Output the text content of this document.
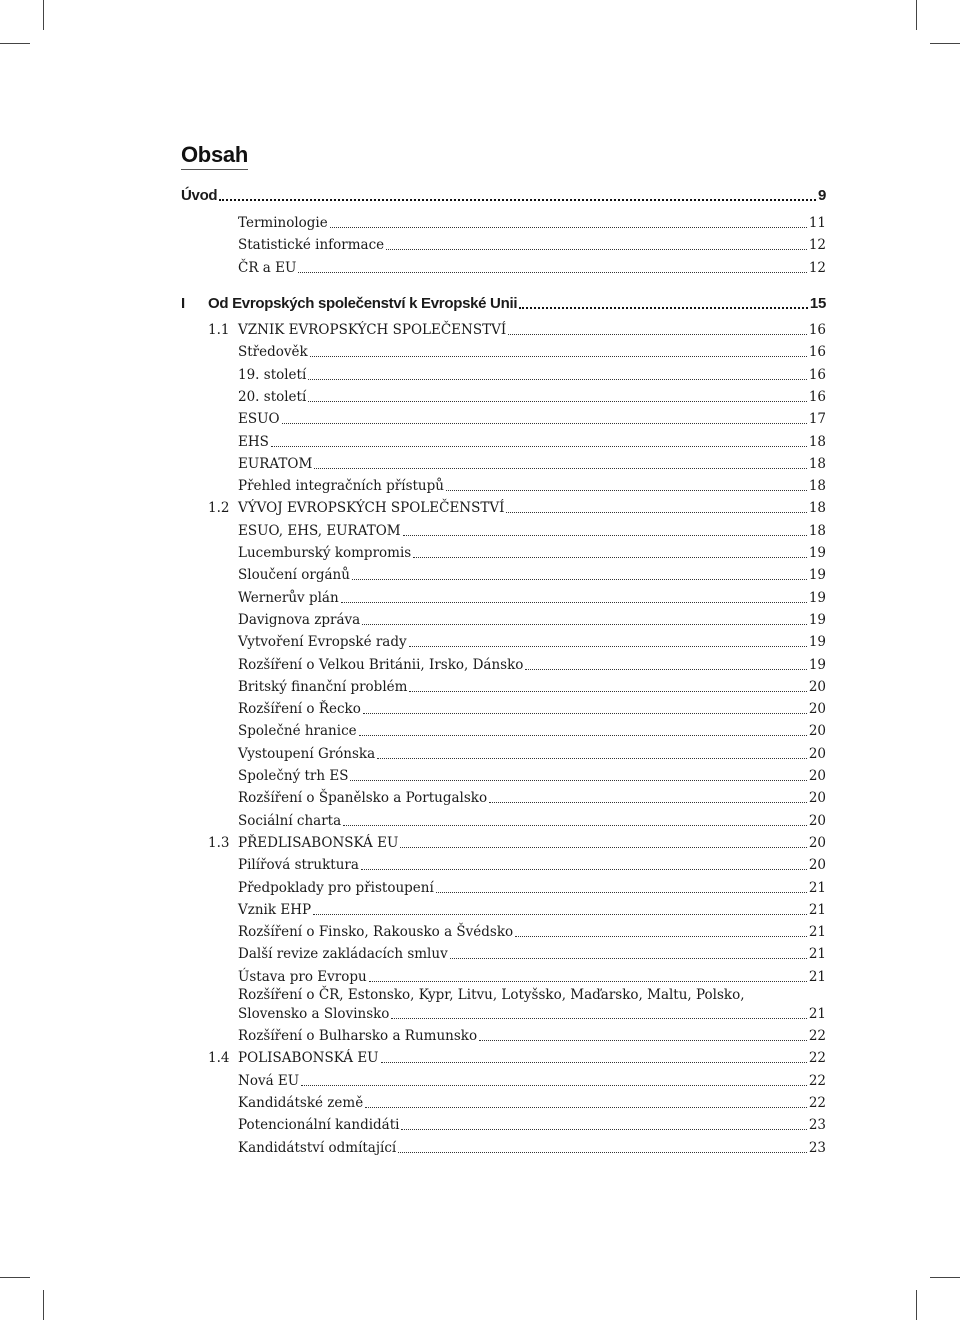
Obsah
Úvod	9
Terminologie	11
Statistické informace	12
ČR a EU	12
I	Od Evropských společenství k Evropské Unii	15
1.1 VZNIK EVROPSKÝCH SPOLEČENSTVÍ	16
Středověk	16
19. století	16
20. století	16
ESUO	17
EHS	18
EURATOM	18
Přehled integračních přístupů	18
1.2 VÝVOJ EVROPSKÝCH SPOLEČENSTVÍ	18
ESUO, EHS, EURATOM	18
Lucemburský kompromis	19
Sloučení orgánů	19
Wernerův plán	19
Davignova zpráva	19
Vytvoření Evropské rady	19
Rozšíření o Velkou Británii, Irsko, Dánsko	19
Britský finanční problém	20
Rozšíření o Řecko	20
Společné hranice	20
Vystoupení Grónska	20
Společný trh ES	20
Rozšíření o Španělsko a Portugalsko	20
Sociální charta	20
1.3 PŘEDLISABONSKÁ EU	20
Pilířová struktura	20
Předpoklady pro přistoupení	21
Vznik EHP	21
Rozšíření o Finsko, Rakousko a Švédsko	21
Další revize zakládacích smluv	21
Ústava pro Evropu	21
Rozšíření o ČR, Estonsko, Kypr, Litvu, Lotyšsko, Maďarsko, Maltu, Polsko,
Slovensko a Slovinsko	21
Rozšíření o Bulharsko a Rumunsko	22
1.4 POLISABONSKÁ EU	22
Nová EU	22
Kandidátské země	22
Potencionální kandidáti	23
Kandidátství odmítající	23
